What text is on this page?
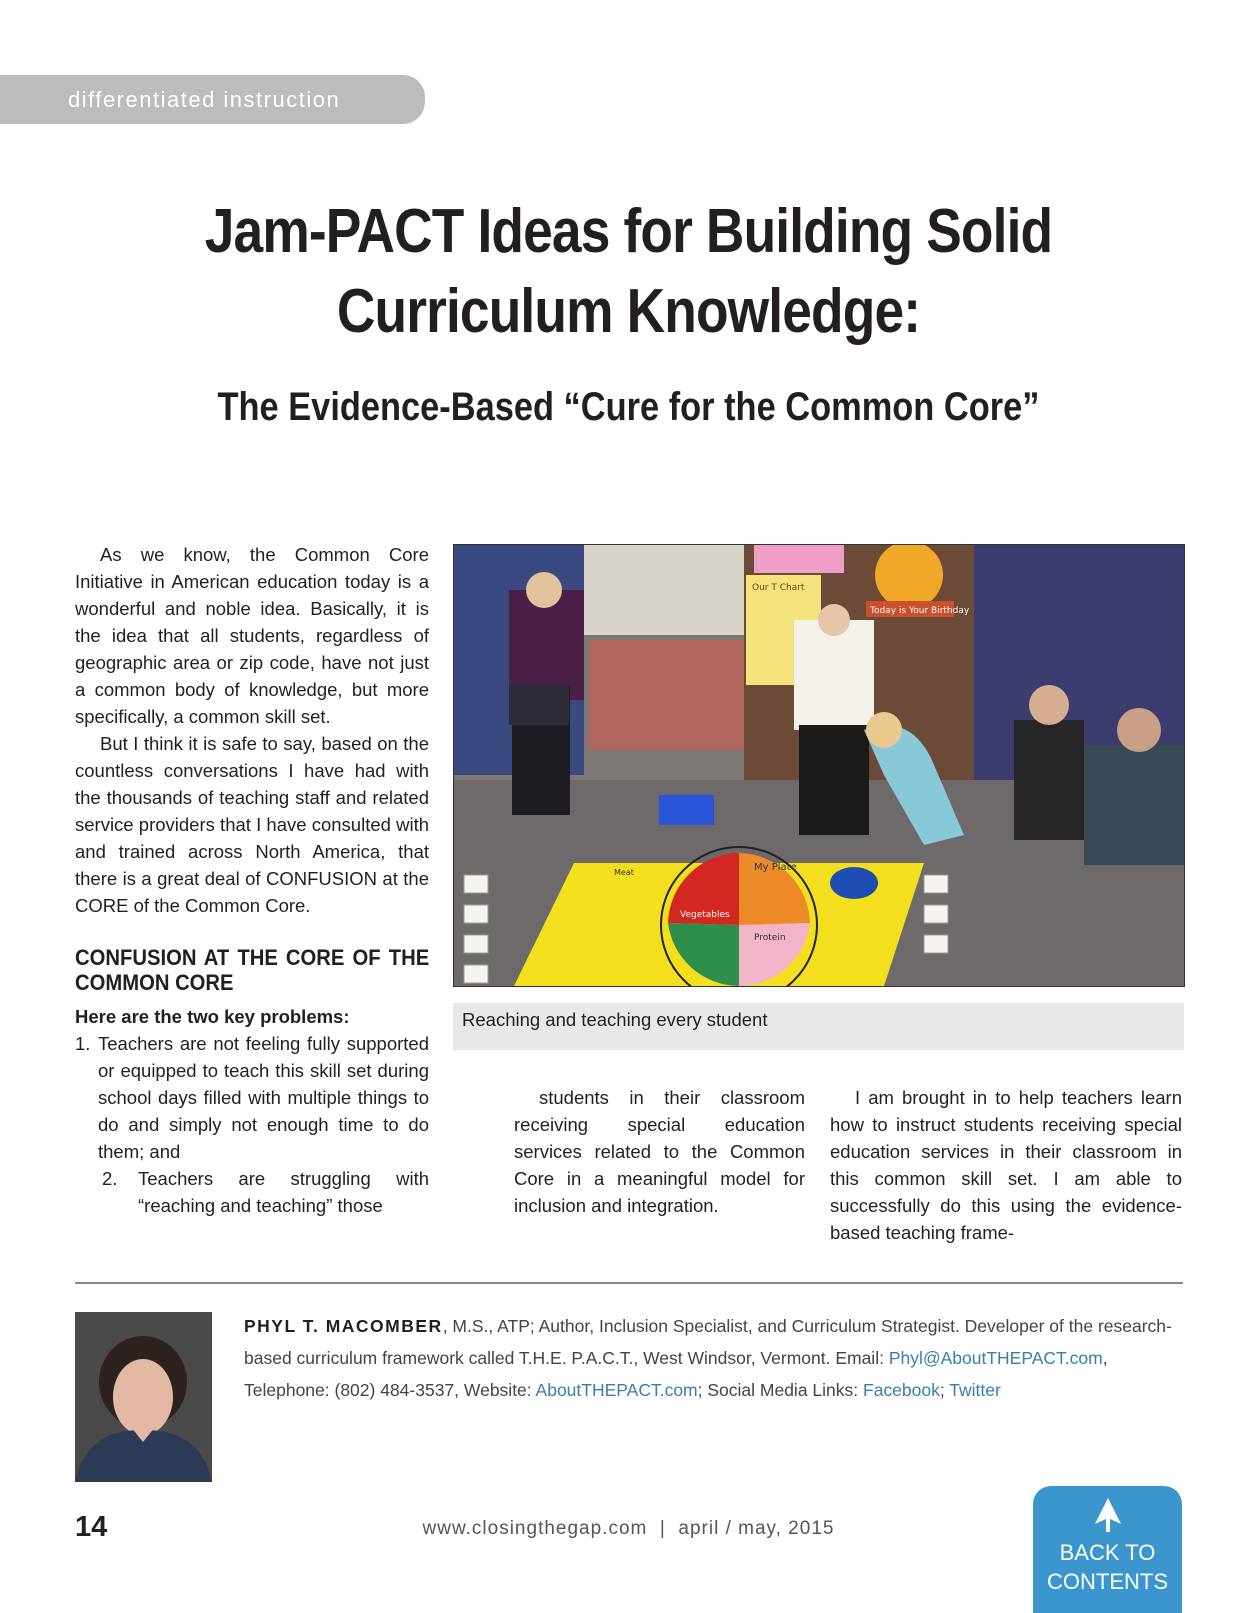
differentiated instruction
Jam-PACT Ideas for Building Solid
Curriculum Knowledge:
The Evidence-Based “Cure for the Common Core”

As we know, the Common Core Initiative in American education today is a wonderful and noble idea. Basically, it is the idea that all students, regardless of geographic area or zip code, have not just a common body of knowledge, but more specifically, a common skill set.

But I think it is safe to say, based on the countless conversations I have had with the thousands of teaching staff and related service providers that I have consulted with and trained across North America, that there is a great deal of CONFUSION at the CORE of the Common Core.

CONFUSION AT THE CORE OF THE COMMON CORE

Here are the two key problems:

1. Teachers are not feeling fully supported or equipped to teach this skill set during school days filled with multiple things to do and simply not enough time to do them; and
2. Teachers are struggling with “reaching and teaching” those
Our T Chart
Today is Your Birthday
My Plate
Vegetables
Protein
Meat
Reaching and teaching every student

students in their classroom receiving special education services related to the Common Core in a meaningful model for inclusion and integration.

I am brought in to help teachers learn how to instruct students receiving special education services in their classroom in this common skill set. I am able to successfully do this using the evidence-based teaching frame-

PHYL T. MACOMBER, M.S., ATP; Author, Inclusion Specialist, and Curriculum Strategist. Developer of the research-based curriculum framework called T.H.E. P.A.C.T., West Windsor, Vermont. Email: Phyl@AboutTHEPACT.com, Telephone: (802) 484-3537, Website: AboutTHEPACT.com; Social Media Links: Facebook; Twitter
14	www.closingthegap.com  |  april / may, 2015
BACK TO
CONTENTS
